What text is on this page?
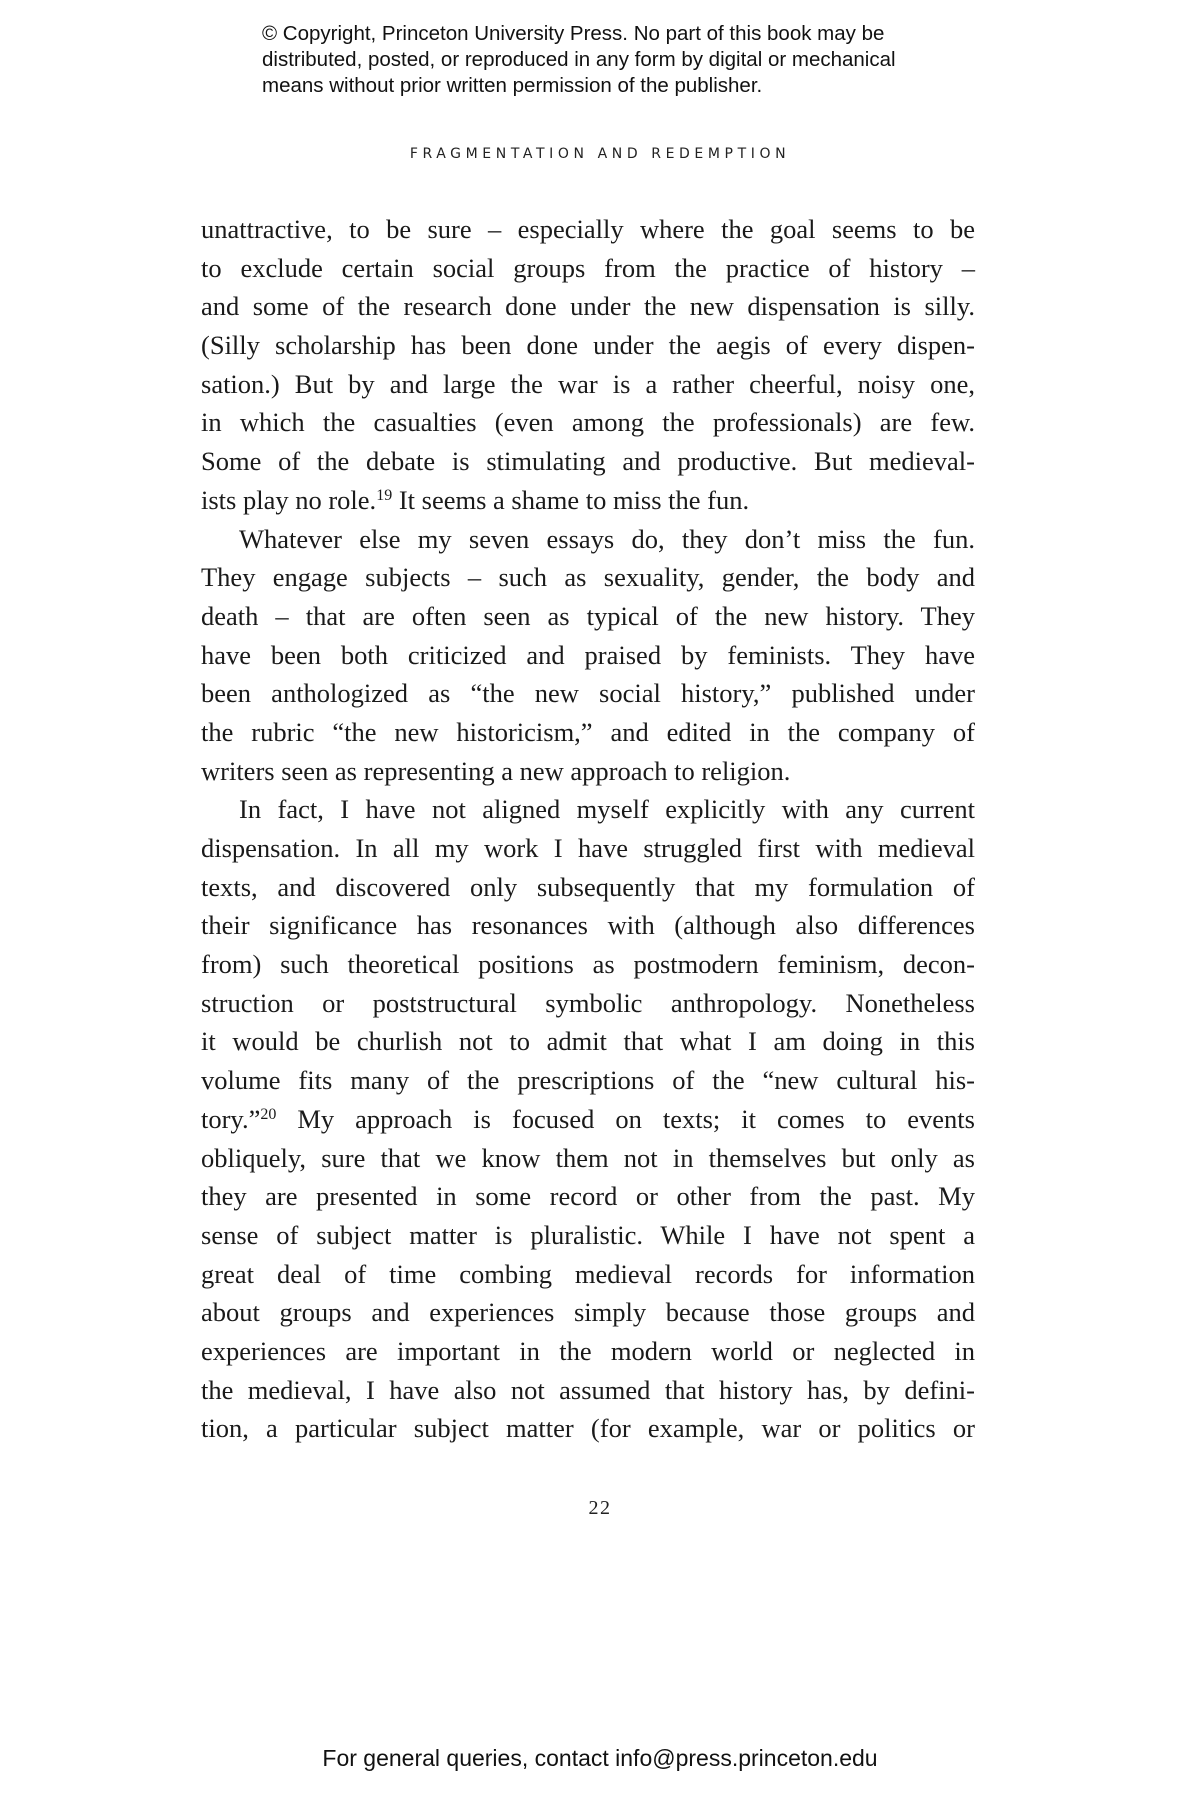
© Copyright, Princeton University Press. No part of this book may be
distributed, posted, or reproduced in any form by digital or mechanical
means without prior written permission of the publisher.
FRAGMENTATION AND REDEMPTION
unattractive, to be sure – especially where the goal seems to be
to exclude certain social groups from the practice of history –
and some of the research done under the new dispensation is silly.
(Silly scholarship has been done under the aegis of every dispen-
sation.) But by and large the war is a rather cheerful, noisy one,
in which the casualties (even among the professionals) are few.
Some of the debate is stimulating and productive. But medieval-
ists play no role.$^{19}$ It seems a shame to miss the fun.
Whatever else my seven essays do, they don’t miss the fun.
They engage subjects – such as sexuality, gender, the body and
death – that are often seen as typical of the new history. They
have been both criticized and praised by feminists. They have
been anthologized as “the new social history,” published under
the rubric “the new historicism,” and edited in the company of
writers seen as representing a new approach to religion.
In fact, I have not aligned myself explicitly with any current
dispensation. In all my work I have struggled first with medieval
texts, and discovered only subsequently that my formulation of
their significance has resonances with (although also differences
from) such theoretical positions as postmodern feminism, decon-
struction or poststructural symbolic anthropology. Nonetheless
it would be churlish not to admit that what I am doing in this
volume fits many of the prescriptions of the “new cultural his-
tory.”$^{20}$ My approach is focused on texts; it comes to events
obliquely, sure that we know them not in themselves but only as
they are presented in some record or other from the past. My
sense of subject matter is pluralistic. While I have not spent a
great deal of time combing medieval records for information
about groups and experiences simply because those groups and
experiences are important in the modern world or neglected in
the medieval, I have also not assumed that history has, by defini-
tion, a particular subject matter (for example, war or politics or
22
For general queries, contact info@press.princeton.edu
